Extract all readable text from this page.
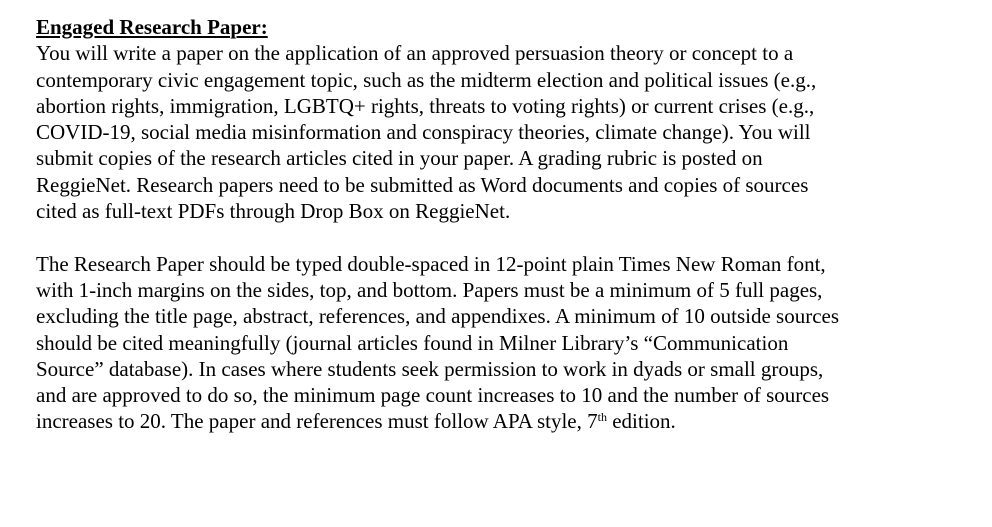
Engaged Research Paper:
You will write a paper on the application of an approved persuasion theory or concept to a
contemporary civic engagement topic, such as the midterm election and political issues (e.g.,
abortion rights, immigration, LGBTQ+ rights, threats to voting rights) or current crises (e.g.,
COVID-19, social media misinformation and conspiracy theories, climate change). You will
submit copies of the research articles cited in your paper. A grading rubric is posted on
ReggieNet. Research papers need to be submitted as Word documents and copies of sources
cited as full-text PDFs through Drop Box on ReggieNet.
The Research Paper should be typed double-spaced in 12-point plain Times New Roman font,
with 1-inch margins on the sides, top, and bottom. Papers must be a minimum of 5 full pages,
excluding the title page, abstract, references, and appendixes. A minimum of 10 outside sources
should be cited meaningfully (journal articles found in Milner Library’s “Communication
Source” database). In cases where students seek permission to work in dyads or small groups,
and are approved to do so, the minimum page count increases to 10 and the number of sources
increases to 20. The paper and references must follow APA style, 7th edition.
